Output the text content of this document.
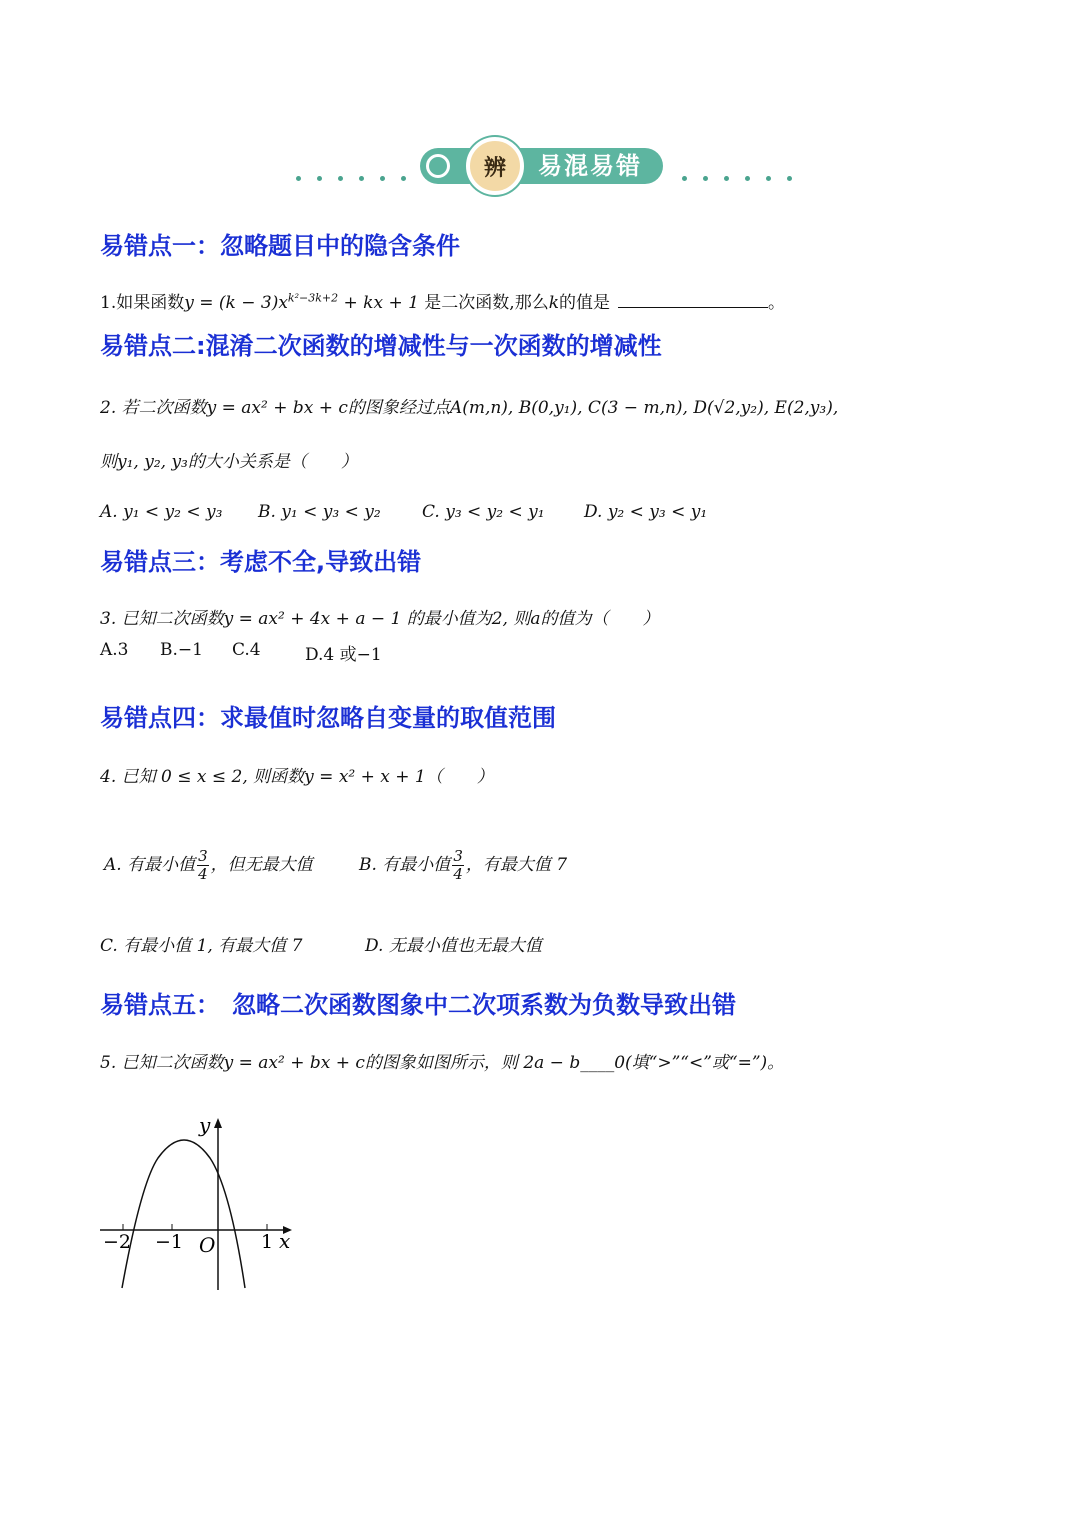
辨	易混易错
易错点一：忽略题目中的隐含条件
1.如果函数$y = (k - 3)x^{k^2-3k+2}$ + kx + 1 是二次函数,那么k的值是	。
易错点二:混淆二次函数的增减性与一次函数的增减性
2. 若二次函数y = ax² + bx + c的图象经过点A(m,n), B(0,y₁), C(3 − m,n), D(√2,y₂), E(2,y₃),
则y₁, y₂, y₃的大小关系是（　　）
A. y₁ < y₂ < y₃ B. y₁ < y₃ < y₂ C. y₃ < y₂ < y₁ D. y₂ < y₃ < y₁
易错点三：考虑不全,导致出错
3. 已知二次函数y = ax² + 4x + a − 1 的最小值为2, 则a的值为（　　）
A.3 B.−1 C.4	D.4 或−1
易错点四：求最值时忽略自变量的取值范围
4. 已知 0 ≤ x ≤ 2, 则函数y = x² + x + 1（　　）
A. 有最小值 $\frac{3}{4}$ ，但无最大值	B. 有最小值 $\frac{3}{4}$ ，有最大值 7
C. 有最小值 1, 有最大值 7	D. 无最小值也无最大值
易错点五：　忽略二次函数图象中二次项系数为负数导致出错
5. 已知二次函数y = ax² + bx + c的图象如图所示，则 2a − b____0(填“>”“<”或“=”)。
y
x
O
−2 −1	1
